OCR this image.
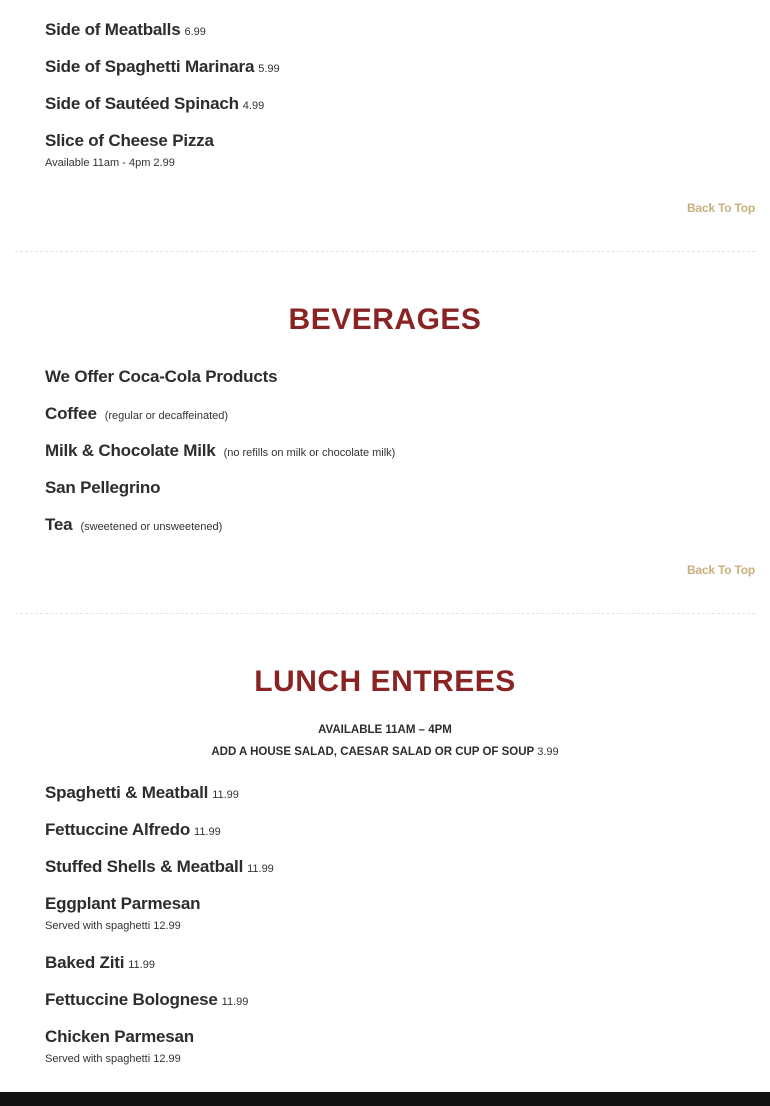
Side of Meatballs 6.99
Side of Spaghetti Marinara 5.99
Side of Sautéed Spinach 4.99
Slice of Cheese Pizza
Available 11am - 4pm 2.99
Back To Top
BEVERAGES
We Offer Coca-Cola Products
Coffee (regular or decaffeinated)
Milk & Chocolate Milk (no refills on milk or chocolate milk)
San Pellegrino
Tea (sweetened or unsweetened)
Back To Top
LUNCH ENTREES
AVAILABLE 11AM – 4PM
ADD A HOUSE SALAD, CAESAR SALAD OR CUP OF SOUP 3.99
Spaghetti & Meatball 11.99
Fettuccine Alfredo 11.99
Stuffed Shells & Meatball 11.99
Eggplant Parmesan
Served with spaghetti 12.99
Baked Ziti 11.99
Fettuccine Bolognese 11.99
Chicken Parmesan
Served with spaghetti 12.99
